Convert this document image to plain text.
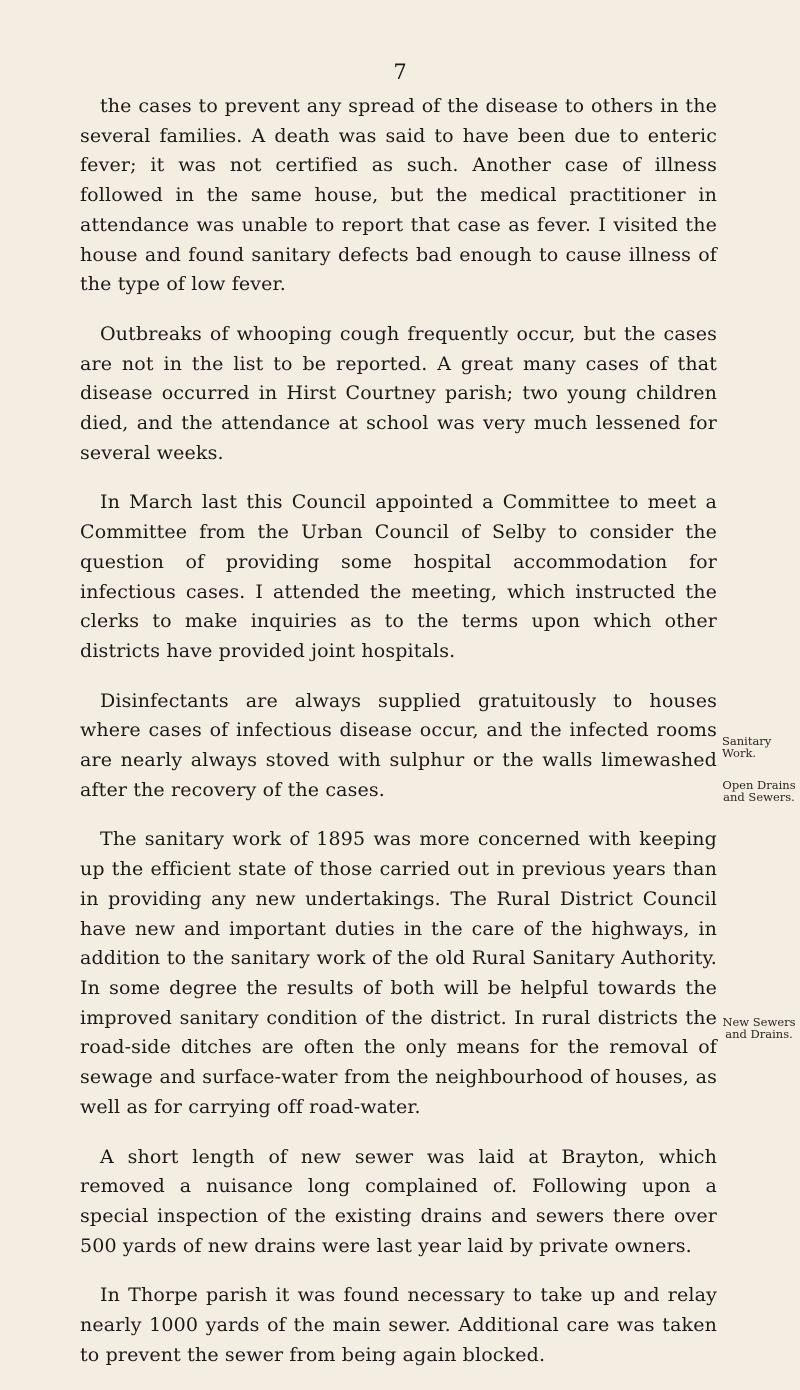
7

the cases to prevent any spread of the disease to others in the several families. A death was said to have been due to enteric fever; it was not certified as such. Another case of illness followed in the same house, but the medical practitioner in attendance was unable to report that case as fever. I visited the house and found sanitary defects bad enough to cause illness of the type of low fever.

Outbreaks of whooping cough frequently occur, but the cases are not in the list to be reported. A great many cases of that disease occurred in Hirst Courtney parish; two young children died, and the attendance at school was very much lessened for several weeks.

In March last this Council appointed a Committee to meet a Committee from the Urban Council of Selby to consider the question of providing some hospital accommodation for infectious cases. I attended the meeting, which instructed the clerks to make inquiries as to the terms upon which other districts have provided joint hospitals.

Disinfectants are always supplied gratuitously to houses where cases of infectious disease occur, and the infected rooms are nearly always stoved with sulphur or the walls limewashed after the recovery of the cases.

The sanitary work of 1895 was more concerned with keeping up the efficient state of those carried out in previous years than in providing any new undertakings. The Rural District Council have new and important duties in the care of the highways, in addition to the sanitary work of the old Rural Sanitary Authority. In some degree the results of both will be helpful towards the improved sanitary condition of the district. In rural districts the road-side ditches are often the only means for the removal of sewage and surface-water from the neighbourhood of houses, as well as for carrying off road-water.

A short length of new sewer was laid at Brayton, which removed a nuisance long complained of. Following upon a special inspection of the existing drains and sewers there over 500 yards of new drains were last year laid by private owners.

In Thorpe parish it was found necessary to take up and relay nearly 1000 yards of the main sewer. Additional care was taken to prevent the sewer from being again blocked.

Sanitary Work.
Open Drains and Sewers.
New Sewers and Drains.
